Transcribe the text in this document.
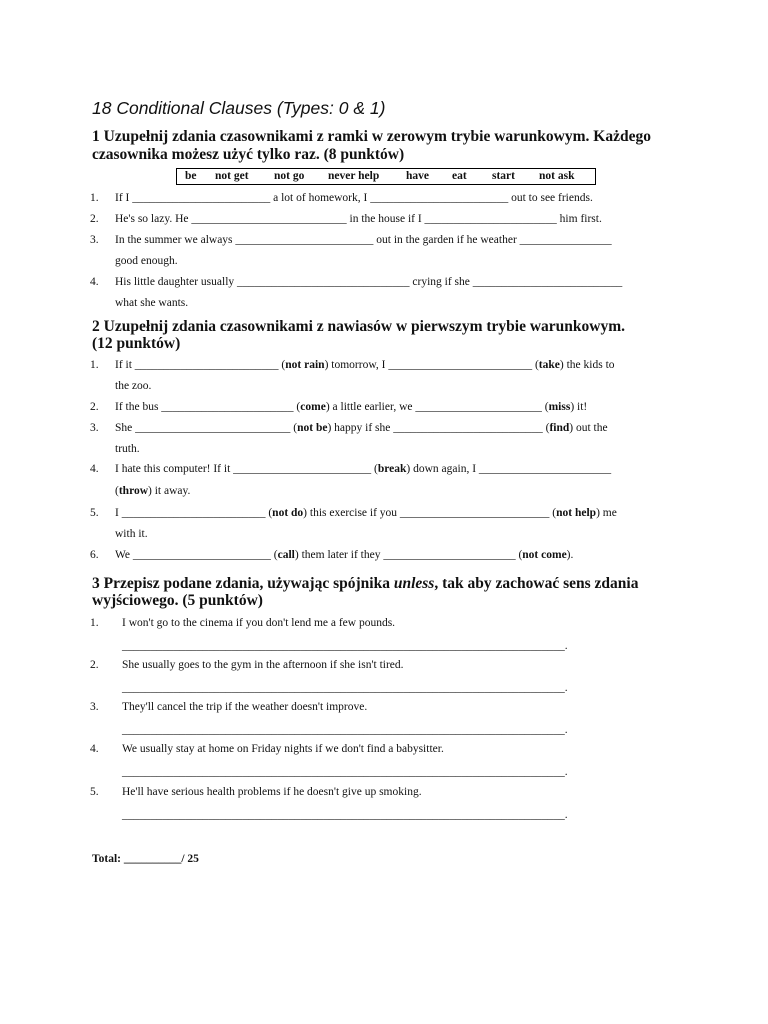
18 Conditional Clauses (Types: 0 & 1)

1 Uzupełnij zdania czasownikami z ramki w zerowym trybie warunkowym. Każdego

czasownika możesz użyć tylko raz. (8 punktów)

be not get not go never help have eat start not ask
1. If I ________________________ a lot of homework, I ________________________ out to see friends.
2. He's so lazy. He ___________________________ in the house if I _______________________ him first.
3. In the summer we always ________________________ out in the garden if he weather ________________
good enough.
4. His little daughter usually ______________________________ crying if she __________________________
what she wants.

2 Uzupełnij zdania czasownikami z nawiasów w pierwszym trybie warunkowym.

(12 punktów)

1. If it _________________________ (not rain) tomorrow, I _________________________ (take) the kids to
the zoo.
2. If the bus _______________________ (come) a little earlier, we ______________________ (miss) it!
3. She ___________________________ (not be) happy if she __________________________ (find) out the
truth.
4. I hate this computer! If it ________________________ (break) down again, I _______________________
(throw) it away.
5. I _________________________ (not do) this exercise if you __________________________ (not help) me
with it.
6. We ________________________ (call) them later if they _______________________ (not come).

3 Przepisz podane zdania, używając spójnika unless, tak aby zachować sens zdania

wyjściowego. (5 punktów)

1. I won't go to the cinema if you don't lend me a few pounds.
_____________________________________________________________________________.
2. She usually goes to the gym in the afternoon if she isn't tired.
_____________________________________________________________________________.
3. They'll cancel the trip if the weather doesn't improve.
_____________________________________________________________________________.
4. We usually stay at home on Friday nights if we don't find a babysitter.
_____________________________________________________________________________.
5. He'll have serious health problems if he doesn't give up smoking.
_____________________________________________________________________________.
Total: __________/ 25
